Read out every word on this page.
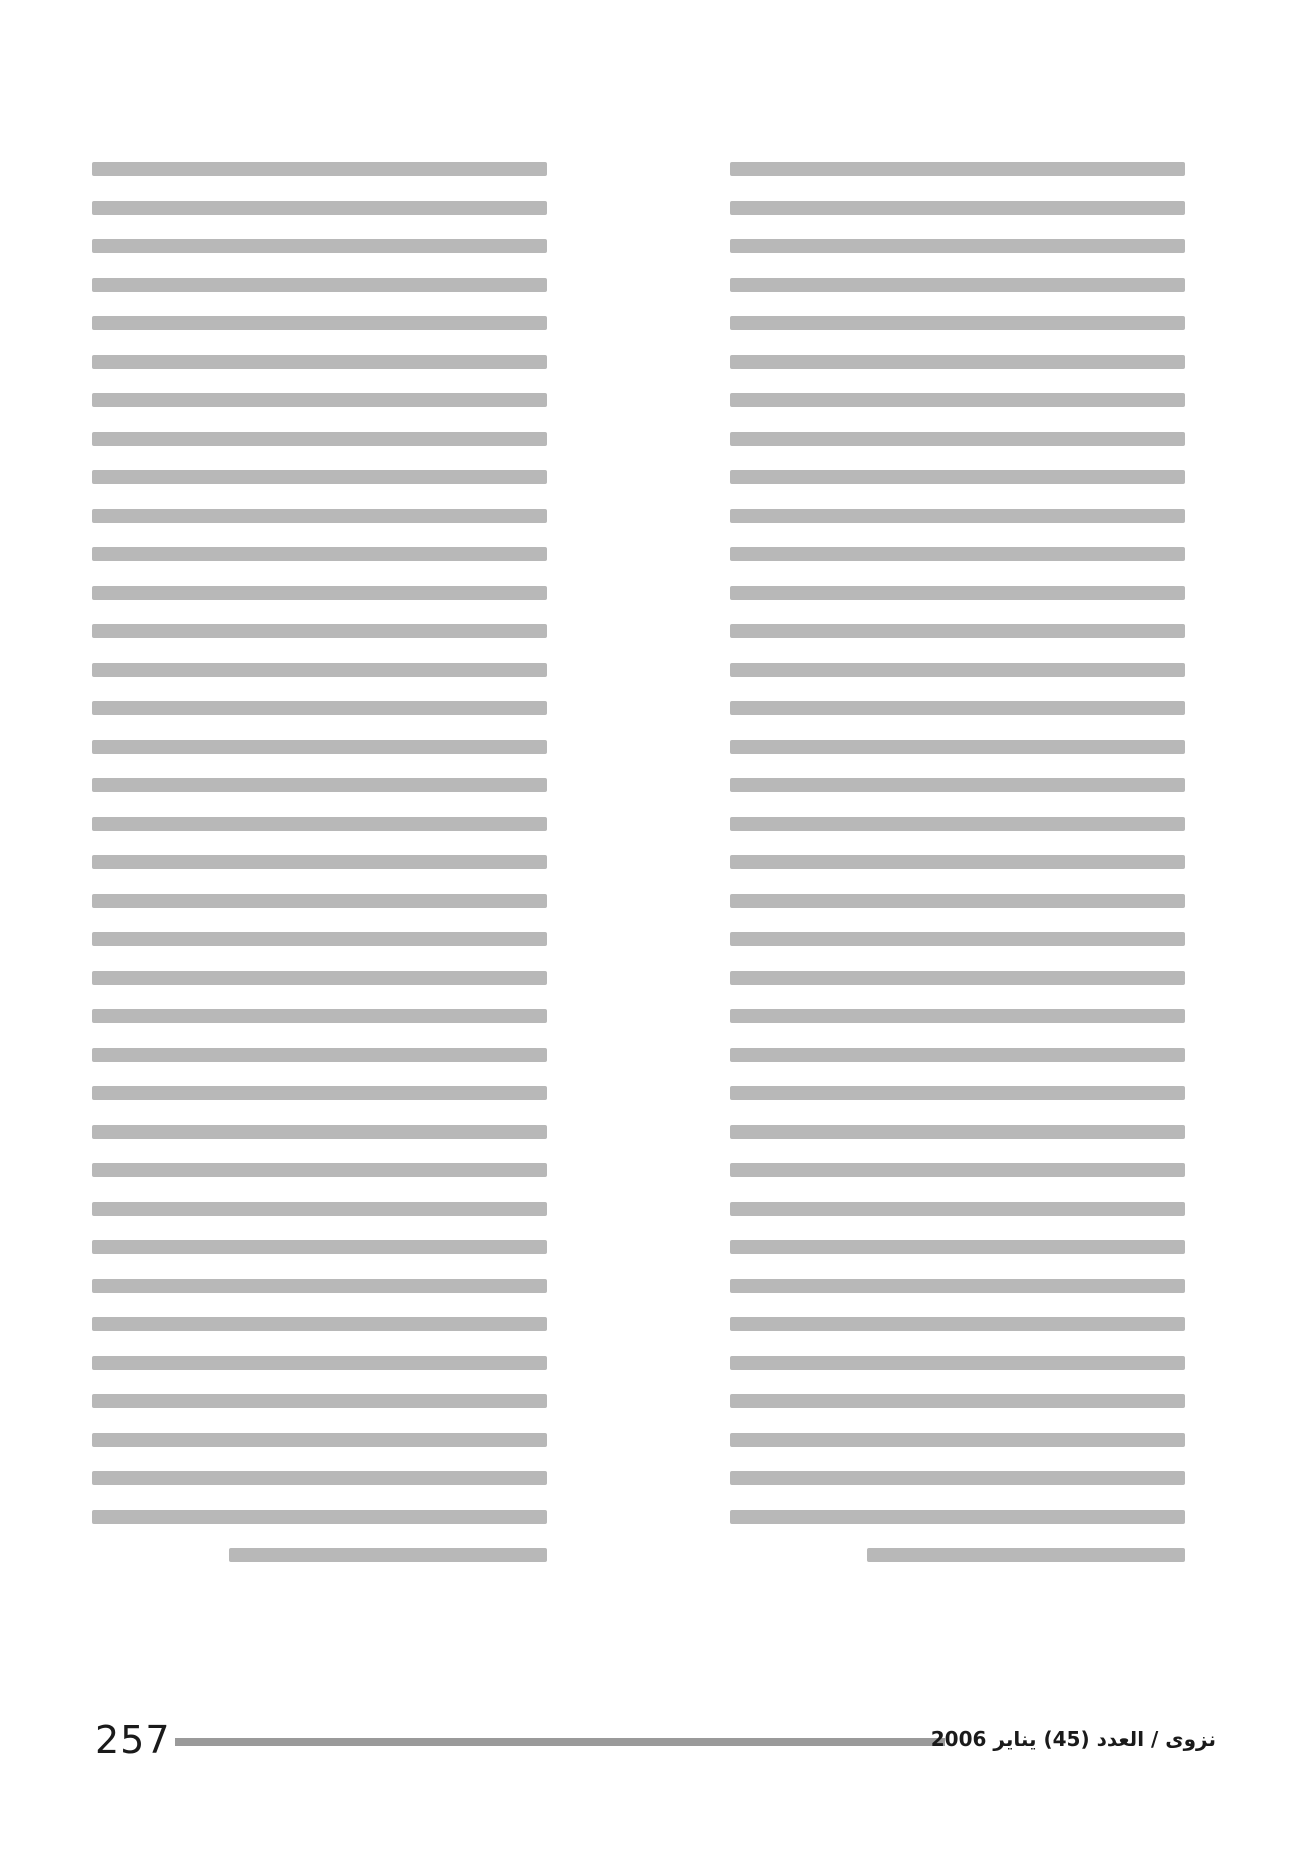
257	نزوى / العدد (45) يناير 2006
